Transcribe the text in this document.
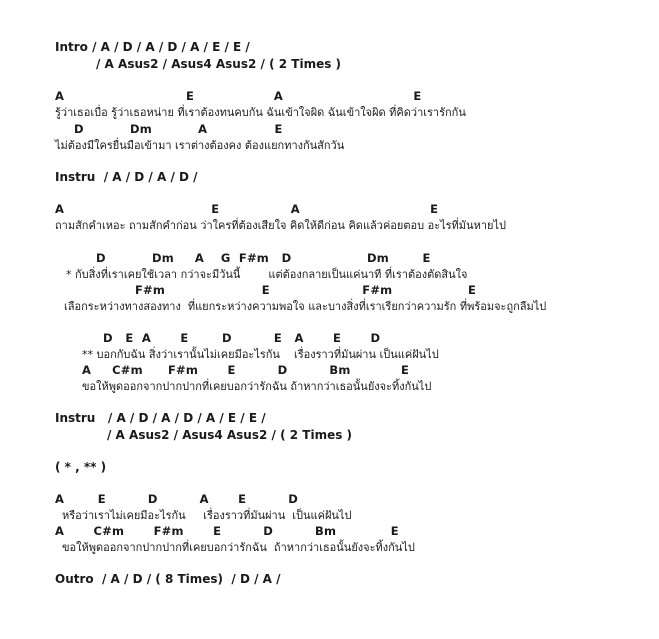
Intro / A / D / A / D / A / E / E /

/ A Asus2 / Asus4 Asus2 / ( 2 Times )

A                             E                   A                               E

รู้ว่าเธอเบื่อ รู้ว่าเธอหน่าย ที่เราต้องทนคบกัน ฉันเข้าใจผิด ฉันเข้าใจผิด ที่คิดว่าเรารักกัน

D           Dm           A                E

ไม่ต้องมีใครยื่นมือเข้ามา เราต่างต้องคง ต้องแยกทางกันสักวัน

Instru  / A / D / A / D /

A                                   E                 A                               E

ถามสักคำเหอะ ถามสักคำก่อน ว่าใครที่ต้องเสียใจ คิดให้ดีก่อน คิดแล้วค่อยตอบ อะไรที่มันหายไป

D           Dm     A    G  F#m   D                  Dm        E

* กับสิ่งที่เราเคยใช้เวลา กว่าจะมีวันนี้        แต่ต้องกลายเป็นแค่นาที ที่เราต้องตัดสินใจ

F#m                       E                      F#m                  E

เลือกระหว่างทางสองทาง  ที่แยกระหว่างความพอใจ และบางสิ่งที่เราเรียกว่าความรัก ที่พร้อมจะถูกลืมไป

D   E  A       E        D          E   A       E       D

** บอกกับฉัน สิ่งว่าเรานั้นไม่เคยมีอะไรกัน    เรื่องราวที่มันผ่าน เป็นแค่ฝันไป

A     C#m      F#m       E          D          Bm            E

ขอให้พูดออกจากปากปากที่เคยบอกว่ารักฉัน ถ้าหากว่าเธอนั้นยังจะทิ้งกันไป

Instru   / A / D / A / D / A / E / E /

/ A Asus2 / Asus4 Asus2 / ( 2 Times )

( * , ** )

A        E          D          A       E          D

หรือว่าเราไม่เคยมีอะไรกัน     เรื่องราวที่มันผ่าน  เป็นแค่ฝันไป

A       C#m       F#m       E          D          Bm             E

ขอให้พูดออกจากปากปากที่เคยบอกว่ารักฉัน  ถ้าหากว่าเธอนั้นยังจะทิ้งกันไป

Outro  / A / D / ( 8 Times)  / D / A /
